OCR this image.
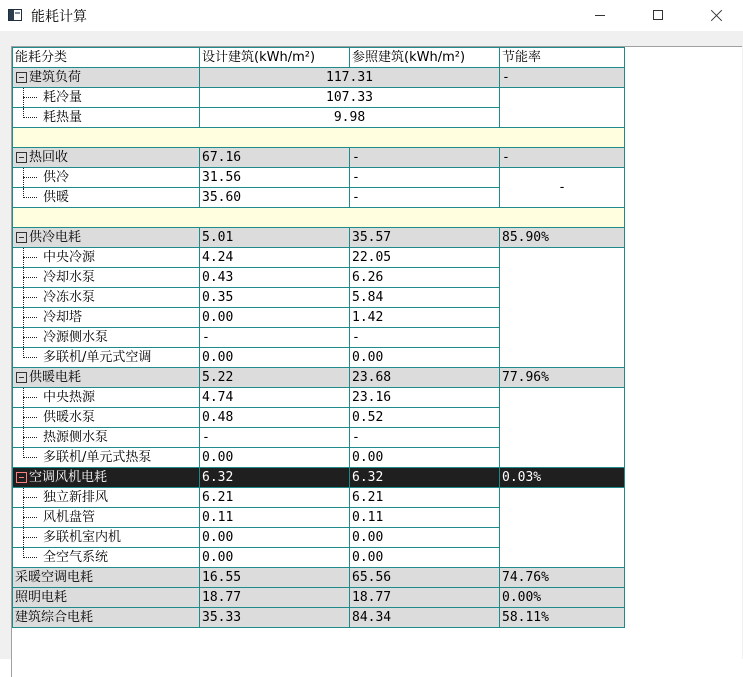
能耗计算
能耗分类	设计建筑(kWh/m²)	参照建筑(kWh/m²)	节能率
建筑负荷	117.31		-
耗冷量	107.33		
耗热量	9.98		

热回收	67.16	-	-
供冷	31.56	-	-
供暖	35.60	-	

供冷电耗	5.01	35.57	85.90%
中央冷源	4.24	22.05	
冷却水泵	0.43	6.26	
冷冻水泵	0.35	5.84	
冷却塔	0.00	1.42	
冷源侧水泵	-	-	
多联机/单元式空调	0.00	0.00	
供暖电耗	5.22	23.68	77.96%
中央热源	4.74	23.16	
供暖水泵	0.48	0.52	
热源侧水泵	-	-	
多联机/单元式热泵	0.00	0.00	
空调风机电耗	6.32	6.32	0.03%
独立新排风	6.21	6.21	
风机盘管	0.11	0.11	
多联机室内机	0.00	0.00	
全空气系统	0.00	0.00	
采暖空调电耗	16.55	65.56	74.76%
照明电耗	18.77	18.77	0.00%
建筑综合电耗	35.33	84.34	58.11%
